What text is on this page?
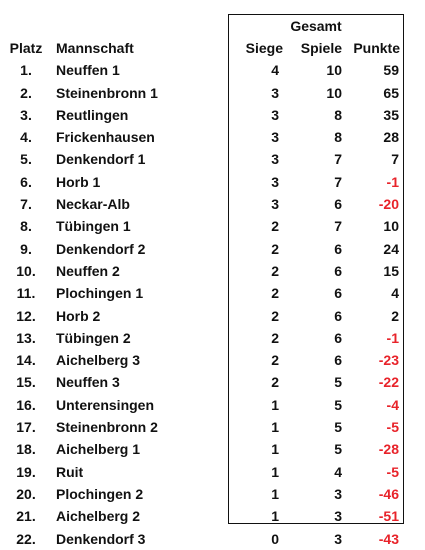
Gesamt
Platz	Mannschaft	Siege	Spiele	Punkte
1.	Neuffen 1	4	10	59
2.	Steinenbronn 1	3	10	65
3.	Reutlingen	3	8	35
4.	Frickenhausen	3	8	28
5.	Denkendorf 1	3	7	7
6.	Horb 1	3	7	-1
7.	Neckar-Alb	3	6	-20
8.	Tübingen 1	2	7	10
9.	Denkendorf 2	2	6	24
10.	Neuffen 2	2	6	15
11.	Plochingen 1	2	6	4
12.	Horb 2	2	6	2
13.	Tübingen 2	2	6	-1
14.	Aichelberg 3	2	6	-23
15.	Neuffen 3	2	5	-22
16.	Unterensingen	1	5	-4
17.	Steinenbronn 2	1	5	-5
18.	Aichelberg 1	1	5	-28
19.	Ruit	1	4	-5
20.	Plochingen 2	1	3	-46
21.	Aichelberg 2	1	3	-51
22.	Denkendorf 3	0	3	-43
